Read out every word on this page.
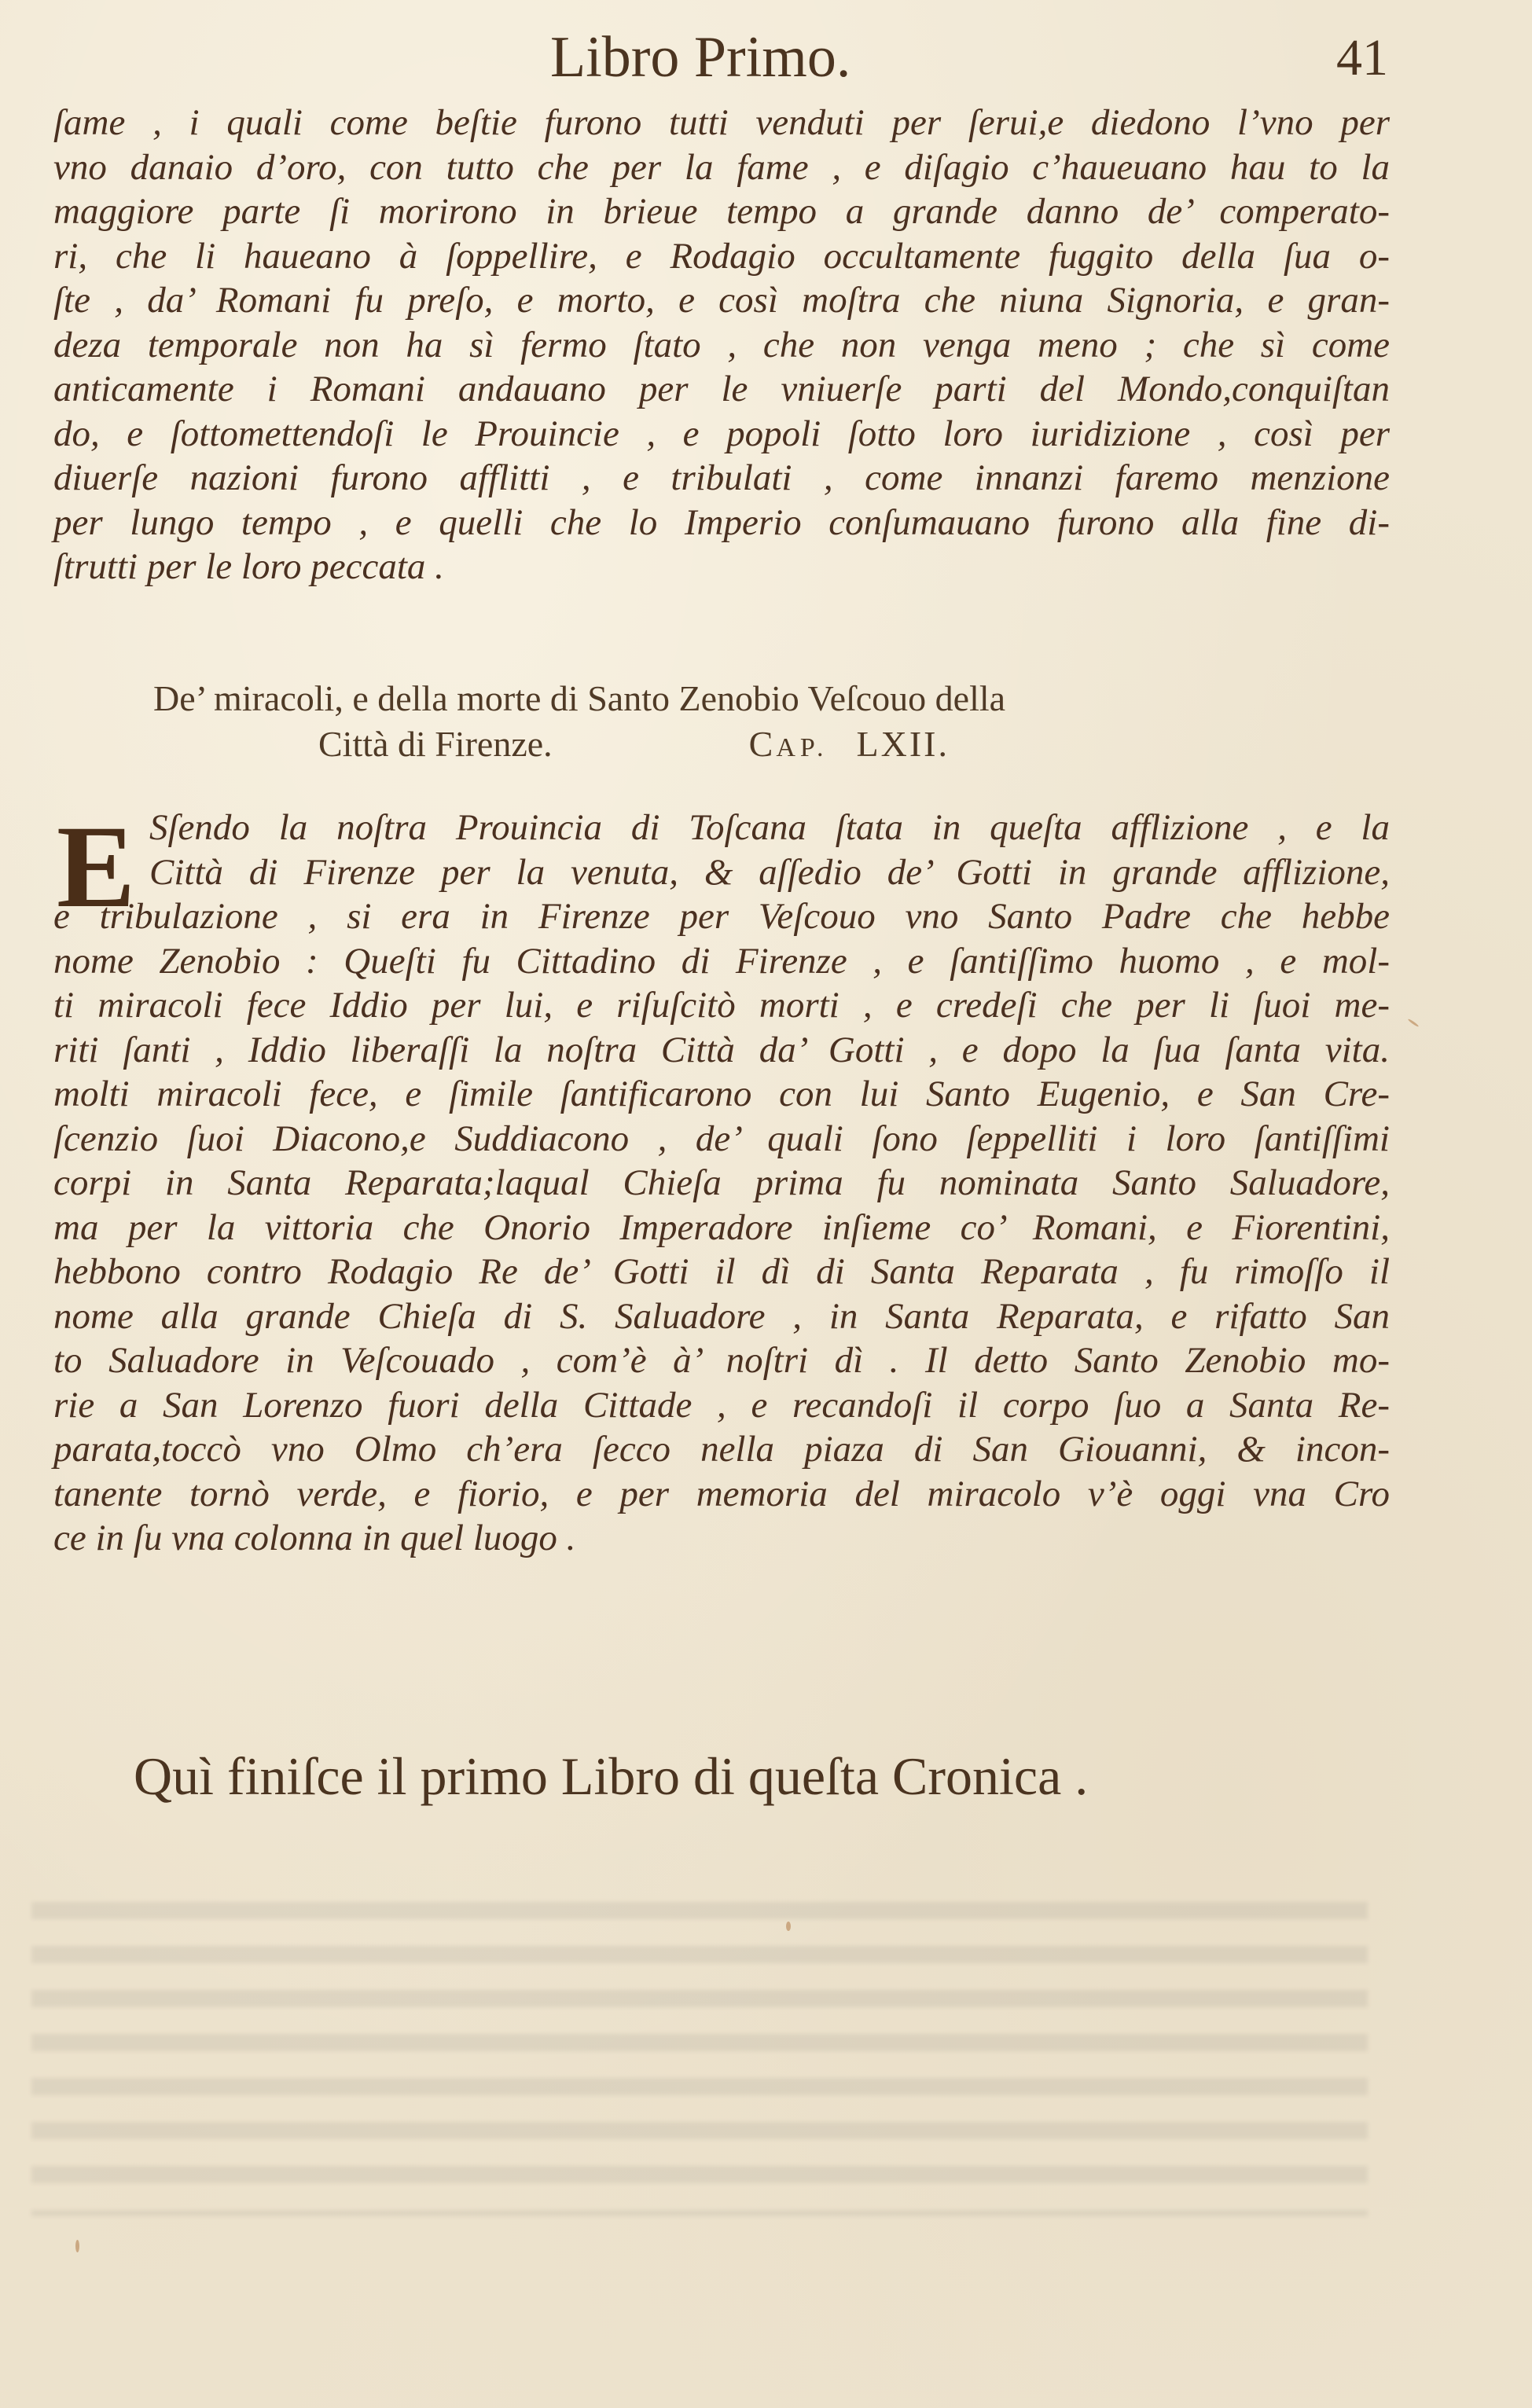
Libro Primo.	41
ſame , i quali come beſtie furono tutti venduti per ſerui,e diedono l’vno per
vno danaio d’oro, con tutto che per la fame , e diſagio c’haueuano hau to la
maggiore parte ſi morirono in brieue tempo a grande danno de’ comperato-
ri, che li haueano à ſoppellire, e Rodagio occultamente fuggito della ſua o-
ſte , da’ Romani fu preſo, e morto, e così moſtra che niuna Signoria, e gran-
deza temporale non ha sì fermo ſtato , che non venga meno ; che sì come
anticamente i Romani andauano per le vniuerſe parti del Mondo,conquiſtan
do, e ſottomettendoſi le Prouincie , e popoli ſotto loro iuridizione , così per
diuerſe nazioni furono afflitti , e tribulati , come innanzi faremo menzione
per lungo tempo , e quelli che lo Imperio conſumauano furono alla fine di-
ſtrutti per le loro peccata .
De’ miracoli, e della morte di Santo Zenobio Veſcouo della
Città di Firenze.	CAP. LXII.
E Sſendo la noſtra Prouincia di Toſcana ſtata in queſta afflizione , e la
Città di Firenze per la venuta, & aſſedio de’ Gotti in grande afflizione,
e tribulazione , si era in Firenze per Veſcouo vno Santo Padre che hebbe
nome Zenobio : Queſti fu Cittadino di Firenze , e ſantiſſimo huomo , e mol-
ti miracoli fece Iddio per lui, e riſuſcitò morti , e credeſi che per li ſuoi me-
riti ſanti , Iddio liberaſſi la noſtra Città da’ Gotti , e dopo la ſua ſanta vita.
molti miracoli fece, e ſimile ſantificarono con lui Santo Eugenio, e San Cre-
ſcenzio ſuoi Diacono,e Suddiacono , de’ quali ſono ſeppelliti i loro ſantiſſimi
corpi in Santa Reparata;laqual Chieſa prima fu nominata Santo Saluadore,
ma per la vittoria che Onorio Imperadore inſieme co’ Romani, e Fiorentini,
hebbono contro Rodagio Re de’ Gotti il dì di Santa Reparata , fu rimoſſo il
nome alla grande Chieſa di S. Saluadore , in Santa Reparata, e rifatto San
to Saluadore in Veſcouado , com’è à’ noſtri dì . Il detto Santo Zenobio mo-
rie a San Lorenzo fuori della Cittade , e recandoſi il corpo ſuo a Santa Re-
parata,toccò vno Olmo ch’era ſecco nella piaza di San Giouanni, & incon-
tanente tornò verde, e fiorio, e per memoria del miracolo v’è oggi vna Cro
ce in ſu vna colonna in quel luogo .
Quì finiſce il primo Libro di queſta Cronica .
